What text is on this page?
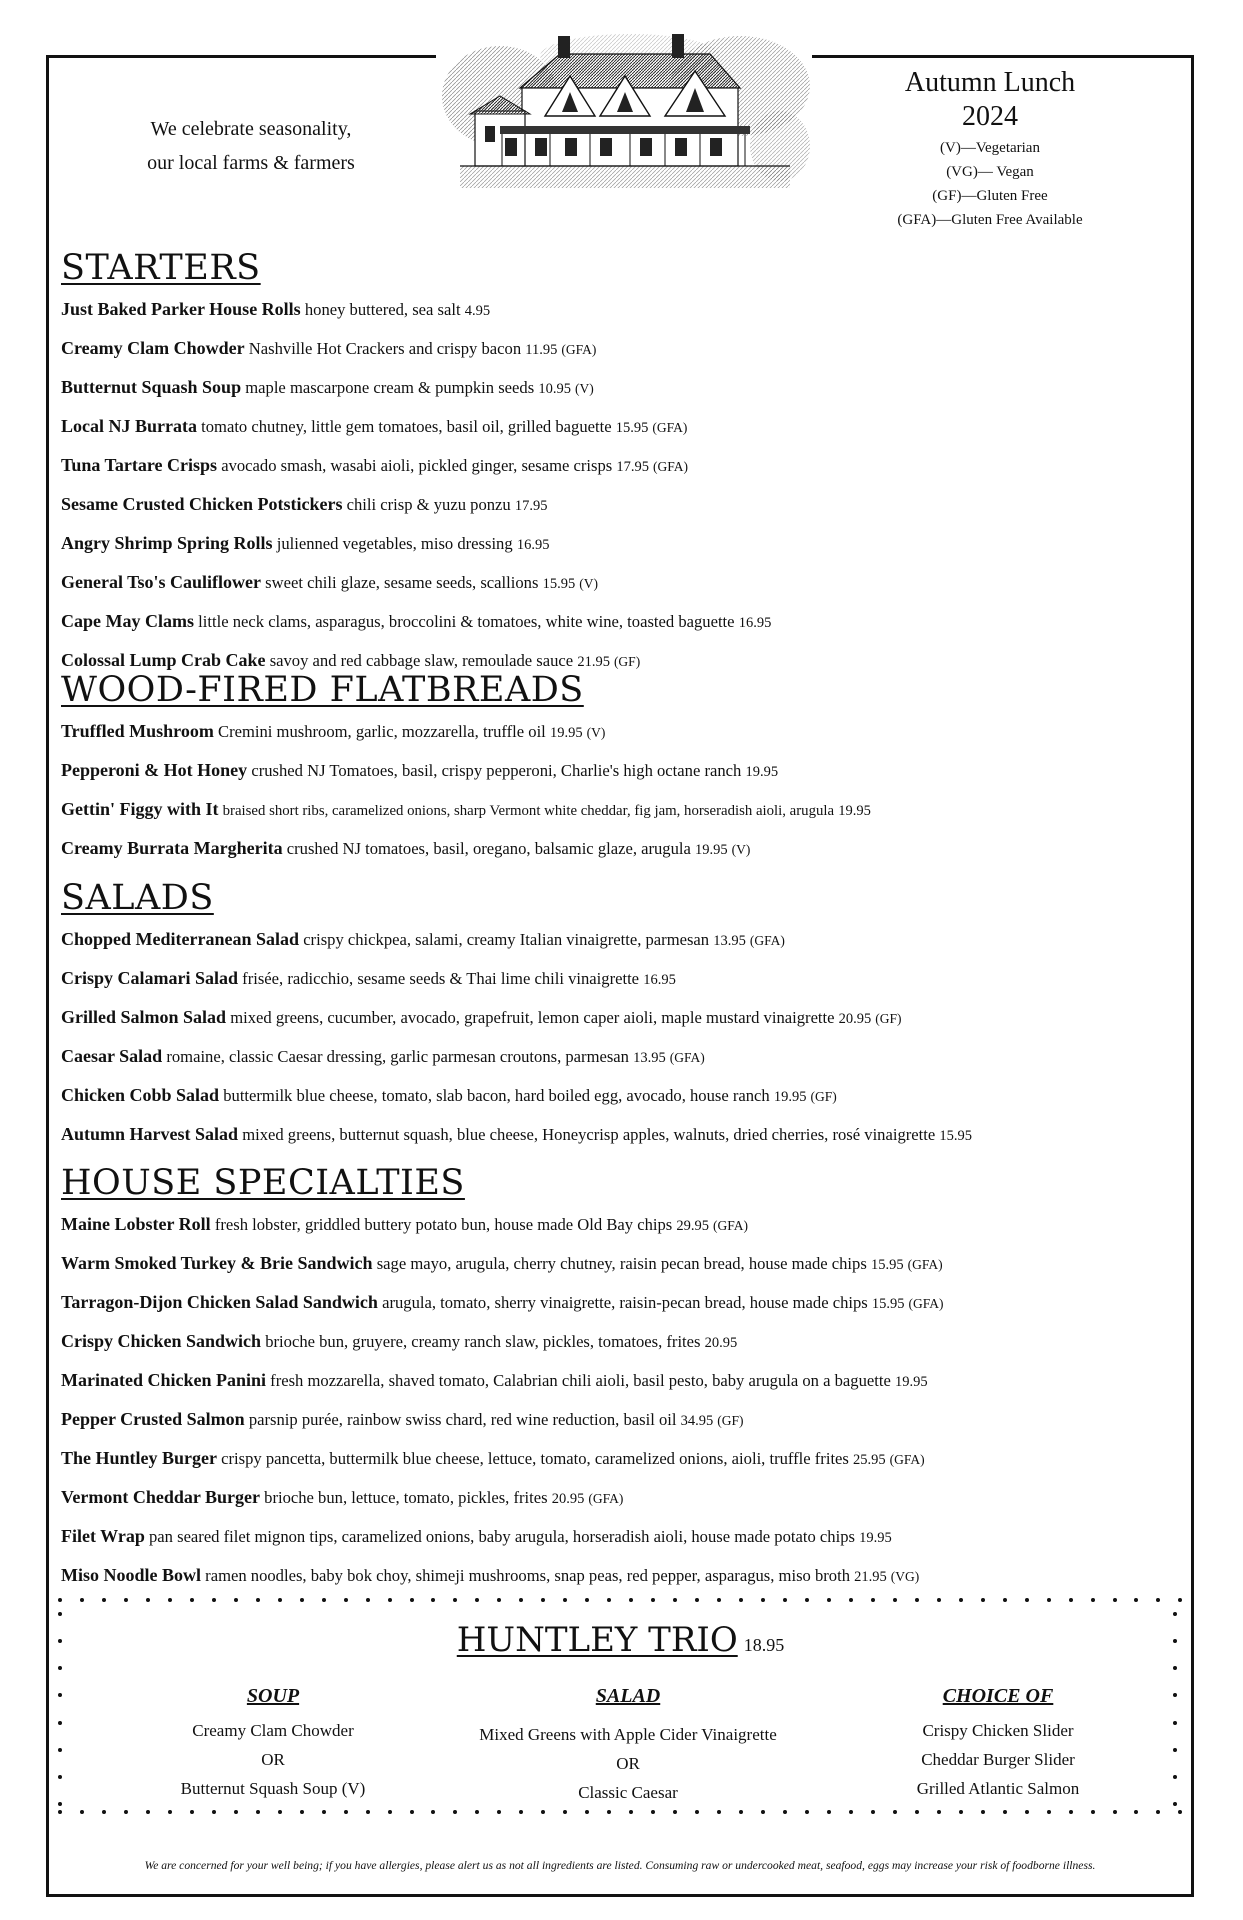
We celebrate seasonality,
our local farms & farmers
Autumn Lunch
2024
(V)—Vegetarian
(VG)— Vegan
(GF)—Gluten Free
(GFA)—Gluten Free Available
STARTERS
Just Baked Parker House Rolls honey buttered, sea salt 4.95
Creamy Clam Chowder Nashville Hot Crackers and crispy bacon 11.95 (GFA)
Butternut Squash Soup maple mascarpone cream & pumpkin seeds 10.95 (V)
Local NJ Burrata tomato chutney, little gem tomatoes, basil oil, grilled baguette 15.95 (GFA)
Tuna Tartare Crisps avocado smash, wasabi aioli, pickled ginger, sesame crisps 17.95 (GFA)
Sesame Crusted Chicken Potstickers chili crisp & yuzu ponzu 17.95
Angry Shrimp Spring Rolls julienned vegetables, miso dressing 16.95
General Tso's Cauliflower sweet chili glaze, sesame seeds, scallions 15.95 (V)
Cape May Clams little neck clams, asparagus, broccolini & tomatoes, white wine, toasted baguette 16.95
Colossal Lump Crab Cake savoy and red cabbage slaw, remoulade sauce 21.95 (GF)
WOOD-FIRED FLATBREADS
Truffled Mushroom Cremini mushroom, garlic, mozzarella, truffle oil 19.95 (V)
Pepperoni & Hot Honey crushed NJ Tomatoes, basil, crispy pepperoni, Charlie's high octane ranch 19.95
Gettin' Figgy with It braised short ribs, caramelized onions, sharp Vermont white cheddar, fig jam, horseradish aioli, arugula 19.95
Creamy Burrata Margherita crushed NJ tomatoes, basil, oregano, balsamic glaze, arugula 19.95 (V)
SALADS
Chopped Mediterranean Salad crispy chickpea, salami, creamy Italian vinaigrette, parmesan 13.95 (GFA)
Crispy Calamari Salad frisée, radicchio, sesame seeds & Thai lime chili vinaigrette 16.95
Grilled Salmon Salad mixed greens, cucumber, avocado, grapefruit, lemon caper aioli, maple mustard vinaigrette 20.95 (GF)
Caesar Salad romaine, classic Caesar dressing, garlic parmesan croutons, parmesan 13.95 (GFA)
Chicken Cobb Salad buttermilk blue cheese, tomato, slab bacon, hard boiled egg, avocado, house ranch 19.95 (GF)
Autumn Harvest Salad mixed greens, butternut squash, blue cheese, Honeycrisp apples, walnuts, dried cherries, rosé vinaigrette 15.95
HOUSE SPECIALTIES
Maine Lobster Roll fresh lobster, griddled buttery potato bun, house made Old Bay chips 29.95 (GFA)
Warm Smoked Turkey & Brie Sandwich sage mayo, arugula, cherry chutney, raisin pecan bread, house made chips 15.95 (GFA)
Tarragon-Dijon Chicken Salad Sandwich arugula, tomato, sherry vinaigrette, raisin-pecan bread, house made chips 15.95 (GFA)
Crispy Chicken Sandwich brioche bun, gruyere, creamy ranch slaw, pickles, tomatoes, frites 20.95
Marinated Chicken Panini fresh mozzarella, shaved tomato, Calabrian chili aioli, basil pesto, baby arugula on a baguette 19.95
Pepper Crusted Salmon parsnip purée, rainbow swiss chard, red wine reduction, basil oil 34.95 (GF)
The Huntley Burger crispy pancetta, buttermilk blue cheese, lettuce, tomato, caramelized onions, aioli, truffle frites 25.95 (GFA)
Vermont Cheddar Burger brioche bun, lettuce, tomato, pickles, frites 20.95 (GFA)
Filet Wrap pan seared filet mignon tips, caramelized onions, baby arugula, horseradish aioli, house made potato chips 19.95
Miso Noodle Bowl ramen noodles, baby bok choy, shimeji mushrooms, snap peas, red pepper, asparagus, miso broth 21.95 (VG)
HUNTLEY TRIO 18.95
SOUP
Creamy Clam Chowder
OR
Butternut Squash Soup (V)
SALAD
Mixed Greens with Apple Cider Vinaigrette
OR
Classic Caesar
CHOICE OF
Crispy Chicken Slider
Cheddar Burger Slider
Grilled Atlantic Salmon
We are concerned for your well being; if you have allergies, please alert us as not all ingredients are listed. Consuming raw or undercooked meat, seafood, eggs may increase your risk of foodborne illness.
